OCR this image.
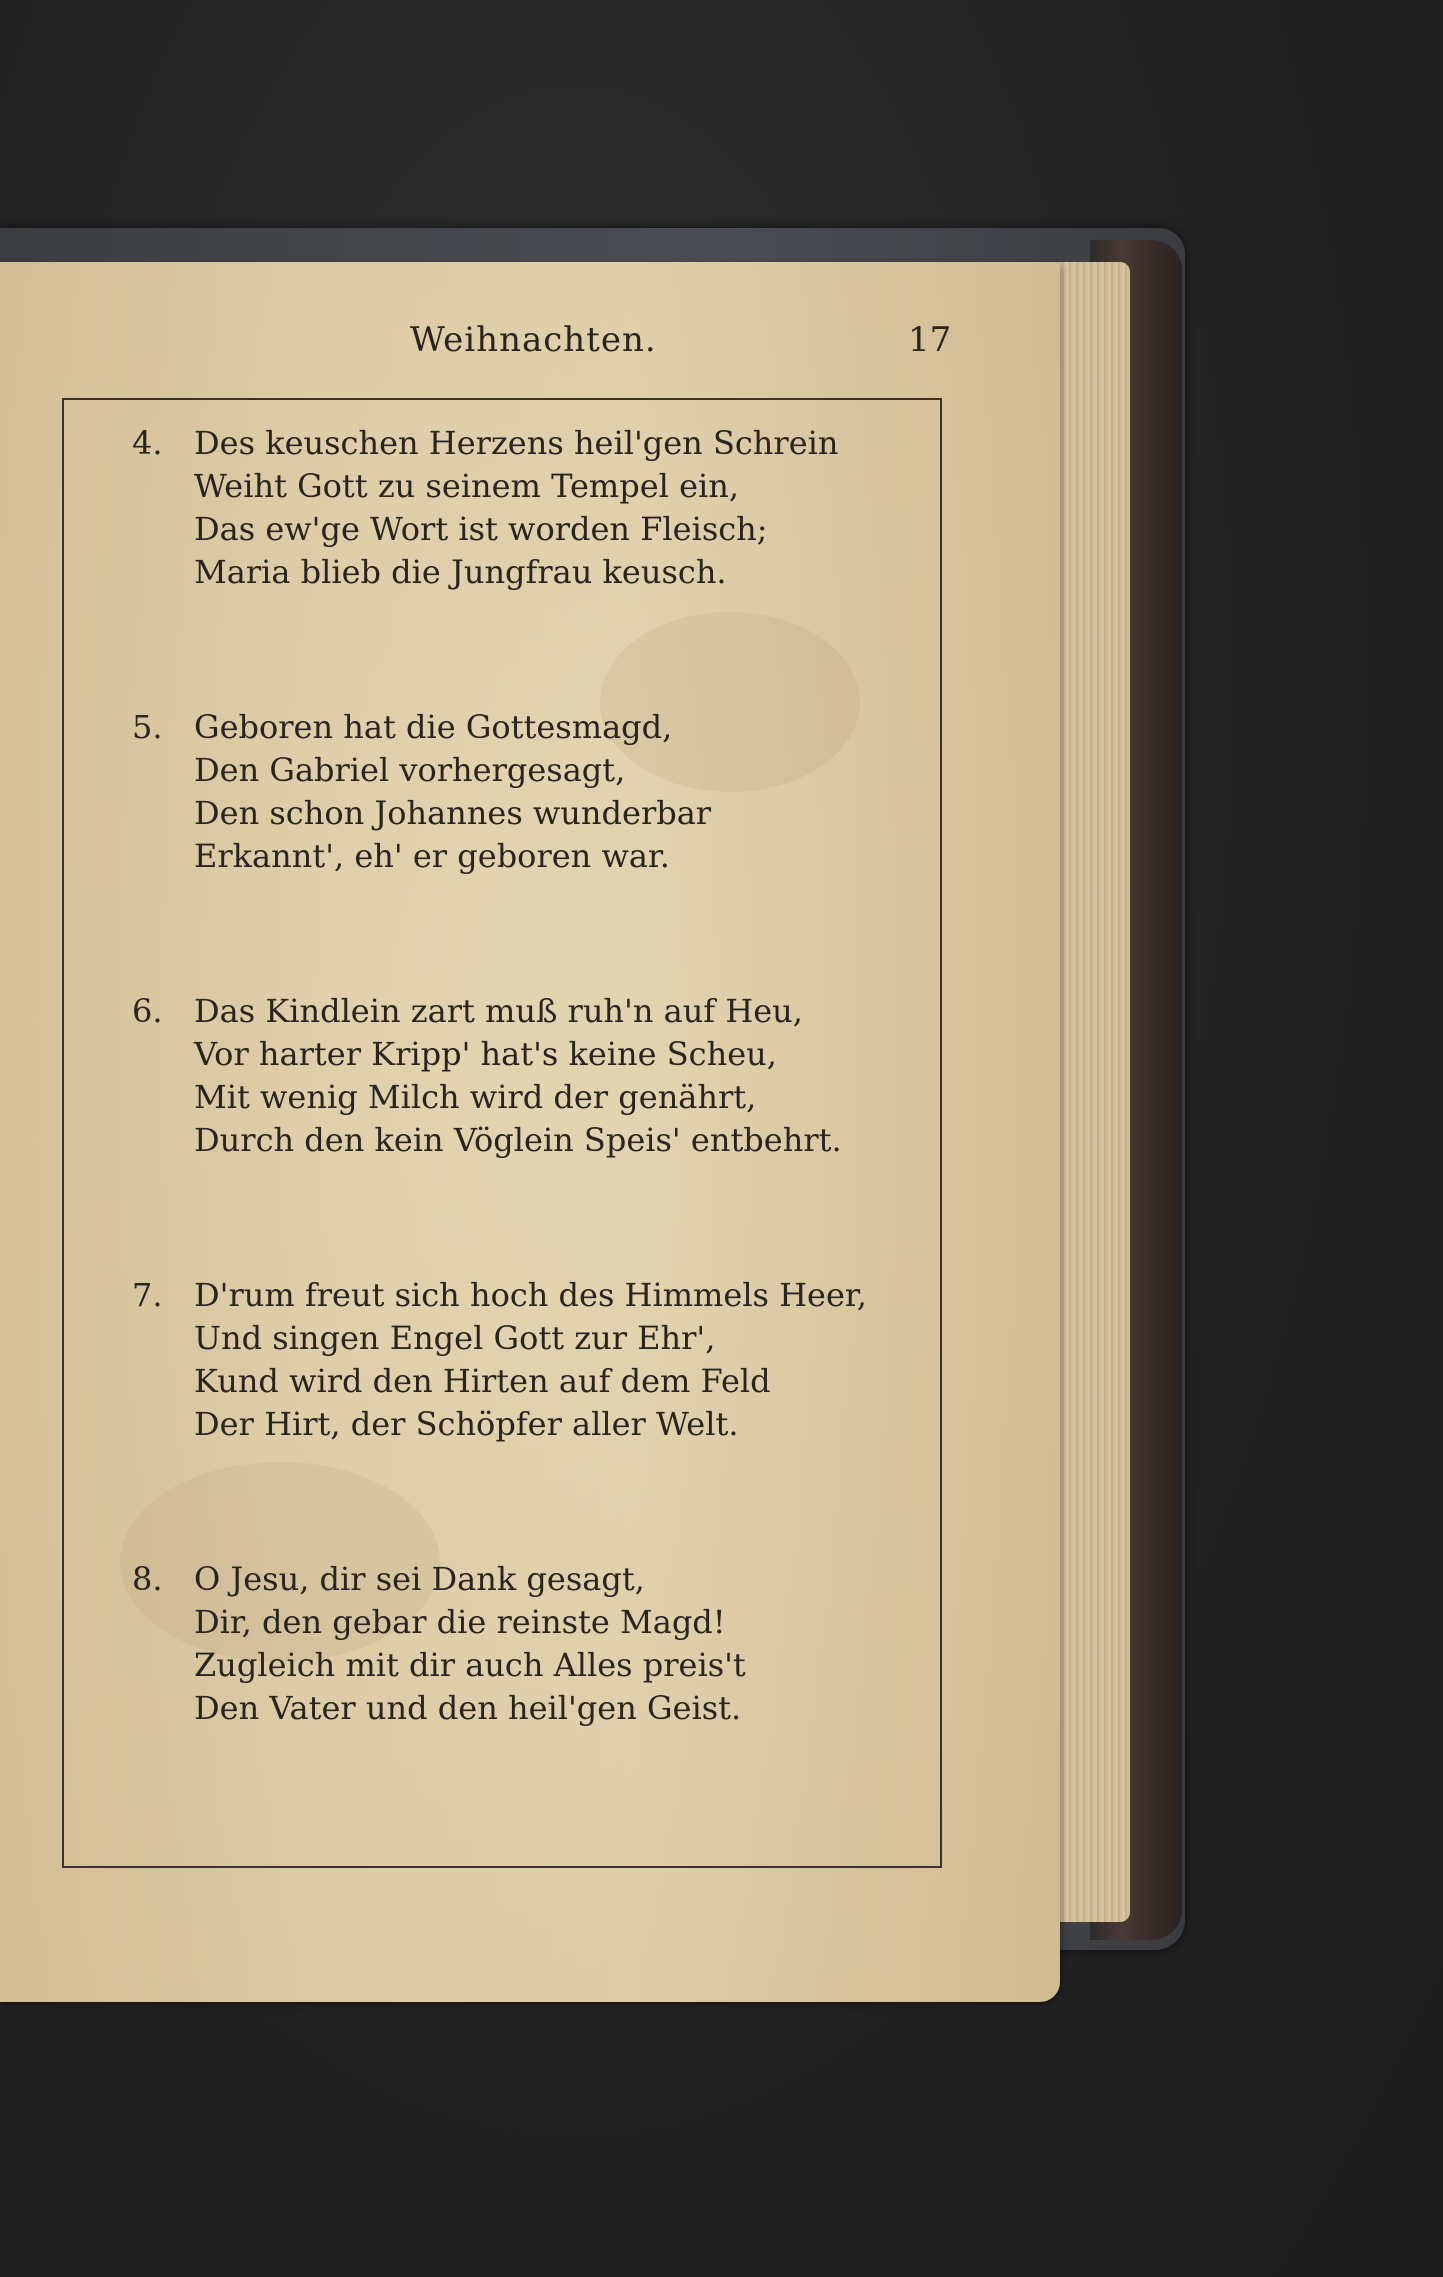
Weihnachten.	17
4. Des keuschen Herzens heil'gen Schrein
Weiht Gott zu seinem Tempel ein,
Das ew'ge Wort ist worden Fleisch;
Maria blieb die Jungfrau keusch.
5. Geboren hat die Gottesmagd,
Den Gabriel vorhergesagt,
Den schon Johannes wunderbar
Erkannt', eh' er geboren war.
6. Das Kindlein zart muß ruh'n auf Heu,
Vor harter Kripp' hat's keine Scheu,
Mit wenig Milch wird der genährt,
Durch den kein Vöglein Speis' entbehrt.
7. D'rum freut sich hoch des Himmels Heer,
Und singen Engel Gott zur Ehr',
Kund wird den Hirten auf dem Feld
Der Hirt, der Schöpfer aller Welt.
8. O Jesu, dir sei Dank gesagt,
Dir, den gebar die reinste Magd!
Zugleich mit dir auch Alles preis't
Den Vater und den heil'gen Geist.
